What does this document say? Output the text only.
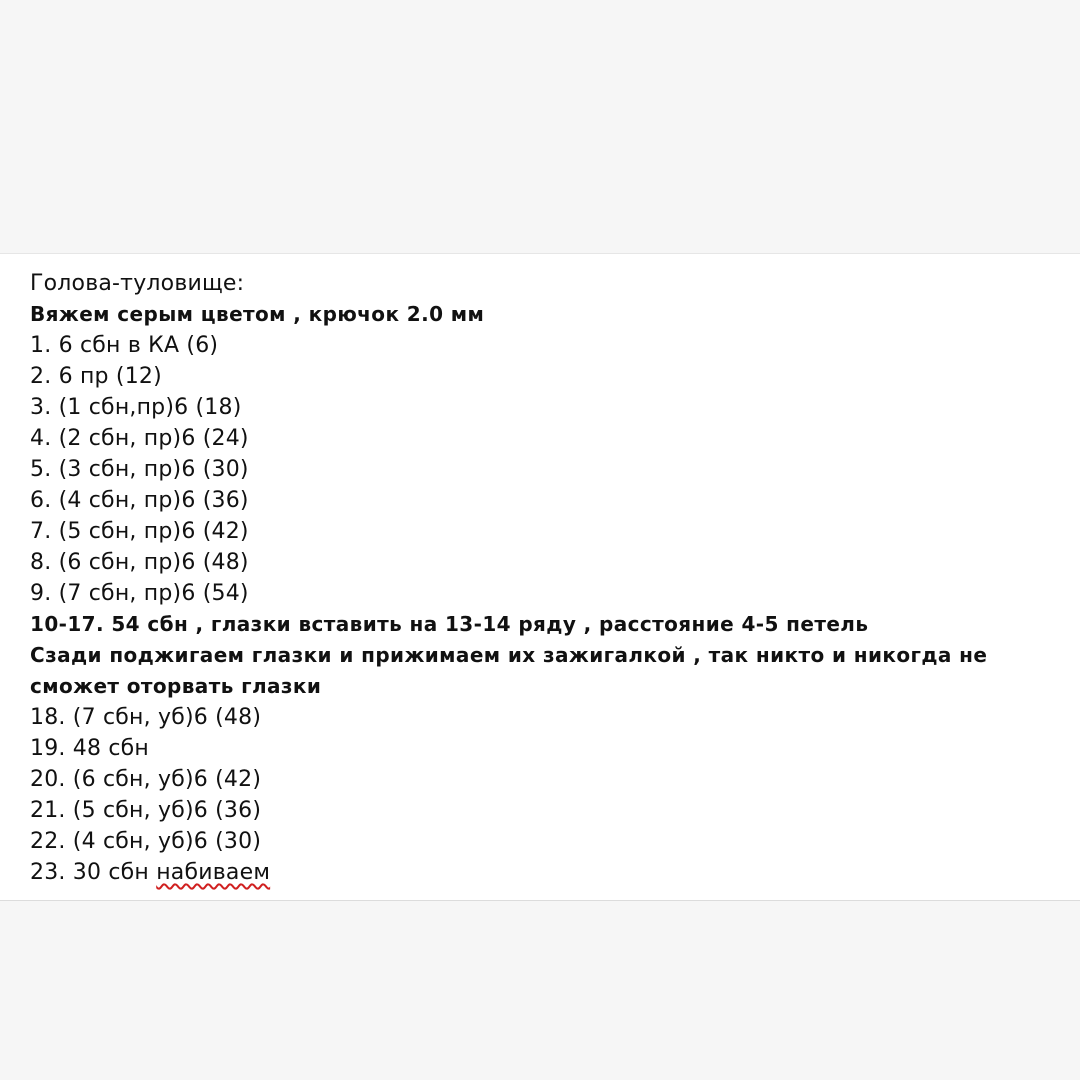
Голова-туловище:
Вяжем серым цветом , крючок 2.0 мм
1. 6 сбн в КА (6)
2. 6 пр (12)
3. (1 сбн,пр)6 (18)
4. (2 сбн, пр)6 (24)
5. (3 сбн, пр)6 (30)
6. (4 сбн, пр)6 (36)
7. (5 сбн, пр)6 (42)
8. (6 сбн, пр)6 (48)
9. (7 сбн, пр)6 (54)
10-17. 54 сбн , глазки вставить на 13-14 ряду , расстояние 4-5 петель
Сзади поджигаем глазки и прижимаем их зажигалкой , так никто и никогда не
сможет оторвать глазки
18. (7 сбн, уб)6 (48)
19. 48 сбн
20. (6 сбн, уб)6 (42)
21. (5 сбн, уб)6 (36)
22. (4 сбн, уб)6 (30)
23. 30 сбн набиваем
